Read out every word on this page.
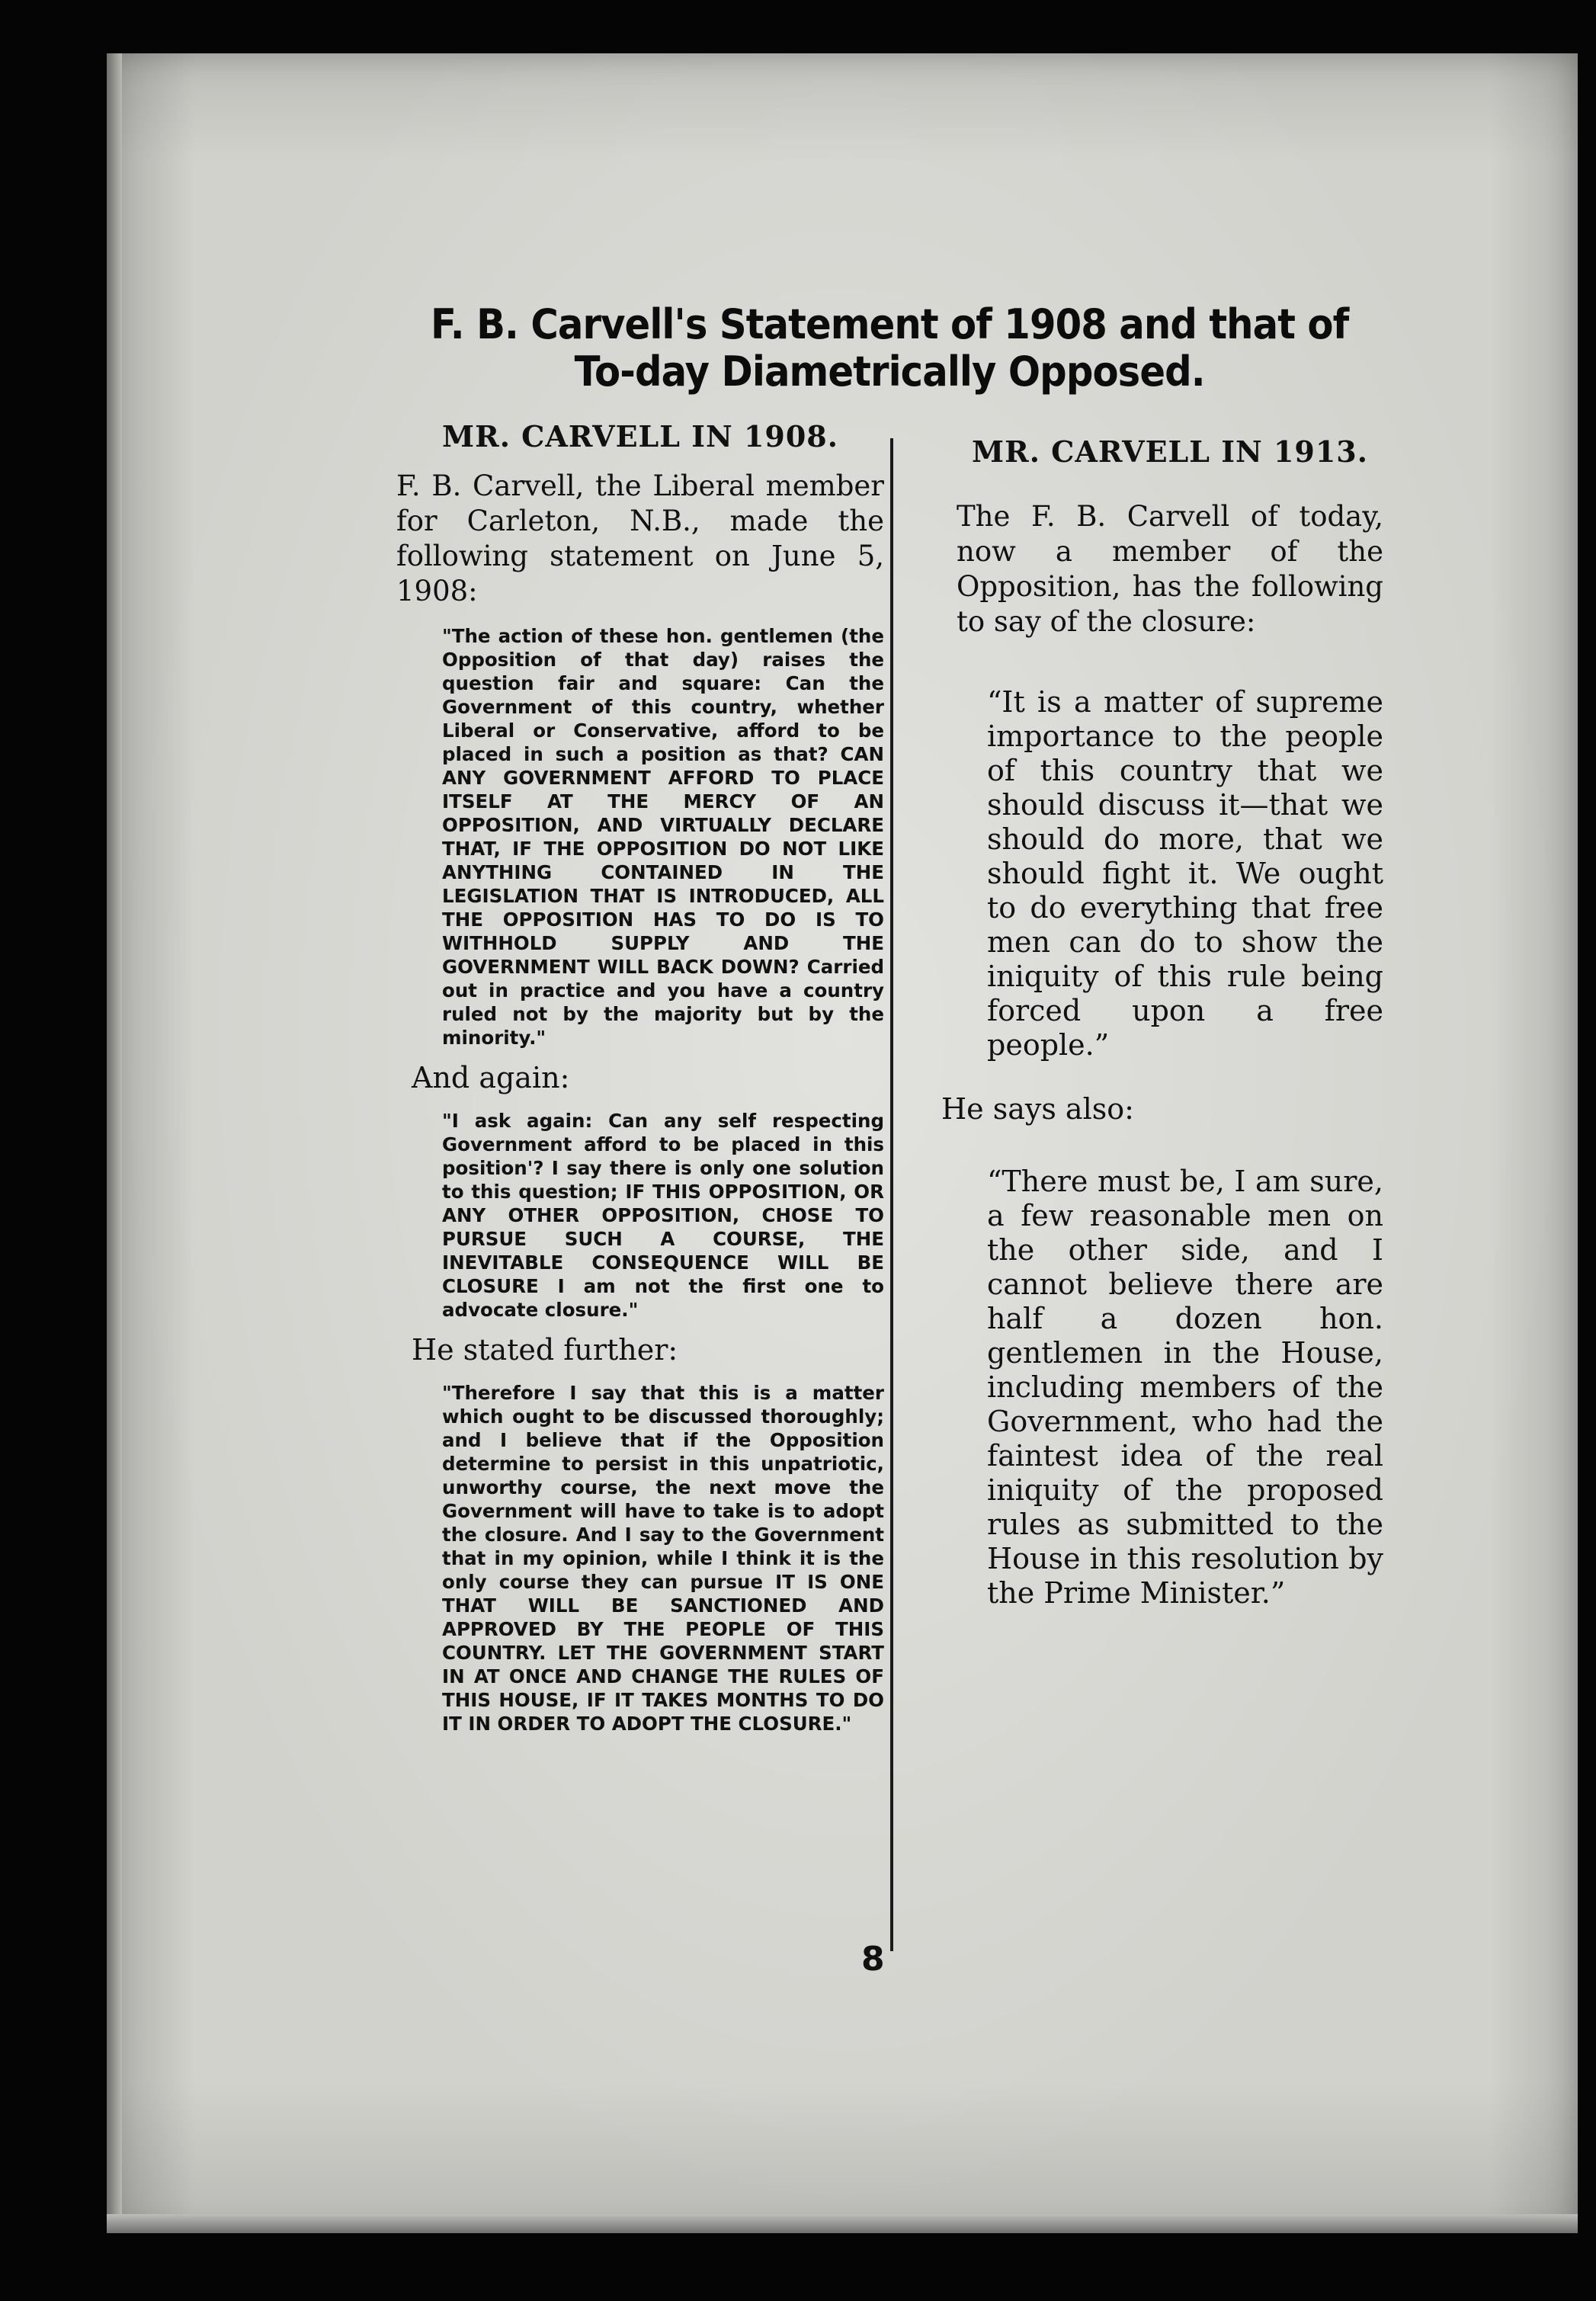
F. B. Carvell's Statement of 1908 and that of To-day Diametrically Opposed.
MR. CARVELL IN 1908.

F. B. Carvell, the Liberal member for Carleton, N.B., made the following statement on June 5, 1908:

"The action of these hon. gentlemen (the Opposition of that day) raises the question fair and square: Can the Government of this country, whether Liberal or Conservative, afford to be placed in such a position as that? CAN ANY GOVERNMENT AFFORD TO PLACE ITSELF AT THE MERCY OF AN OPPOSITION, AND VIRTUALLY DECLARE THAT, IF THE OPPOSITION DO NOT LIKE ANYTHING CONTAINED IN THE LEGISLATION THAT IS INTRODUCED, ALL THE OPPOSITION HAS TO DO IS TO WITHHOLD SUPPLY AND THE GOVERNMENT WILL BACK DOWN? Carried out in practice and you have a country ruled not by the majority but by the minority."

And again:

"I ask again: Can any self respecting Government afford to be placed in this position'? I say there is only one solution to this question; IF THIS OPPOSITION, OR ANY OTHER OPPOSITION, CHOSE TO PURSUE SUCH A COURSE, THE INEVITABLE CONSEQUENCE WILL BE CLOSURE I am not the first one to advocate closure."

He stated further:

"Therefore I say that this is a matter which ought to be discussed thoroughly; and I believe that if the Opposition determine to persist in this unpatriotic, unworthy course, the next move the Government will have to take is to adopt the closure. And I say to the Government that in my opinion, while I think it is the only course they can pursue IT IS ONE THAT WILL BE SANCTIONED AND APPROVED BY THE PEOPLE OF THIS COUNTRY. LET THE GOVERNMENT START IN AT ONCE AND CHANGE THE RULES OF THIS HOUSE, IF IT TAKES MONTHS TO DO IT IN ORDER TO ADOPT THE CLOSURE."

MR. CARVELL IN 1913.

The F. B. Carvell of today, now a member of the Opposition, has the following to say of the closure:

“It is a matter of supreme importance to the people of this country that we should discuss it—that we should do more, that we should fight it. We ought to do everything that free men can do to show the iniquity of this rule being forced upon a free people.”

He says also:

“There must be, I am sure, a few reasonable men on the other side, and I cannot believe there are half a dozen hon. gentlemen in the House, including members of the Government, who had the faintest idea of the real iniquity of the proposed rules as submitted to the House in this resolution by the Prime Minister.”

8
